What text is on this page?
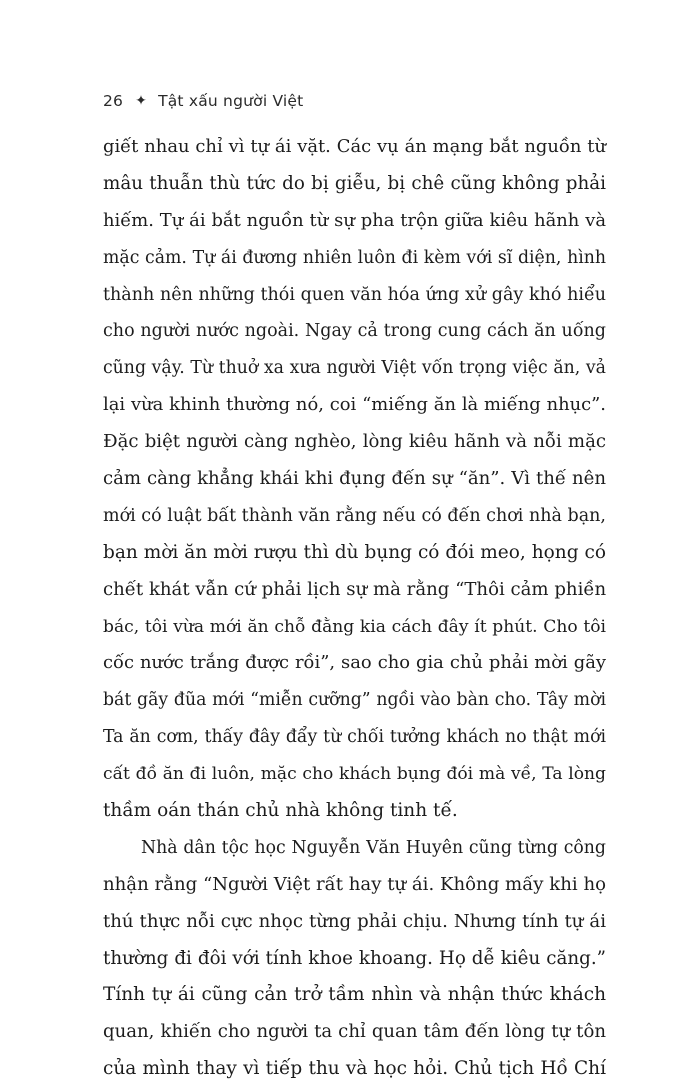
26 ✦ Tật xấu người Việt
giết nhau chỉ vì tự ái vặt. Các vụ án mạng bắt nguồn từ
mâu thuẫn thù tức do bị giễu, bị chê cũng không phải
hiếm. Tự ái bắt nguồn từ sự pha trộn giữa kiêu hãnh và
mặc cảm. Tự ái đương nhiên luôn đi kèm với sĩ diện, hình
thành nên những thói quen văn hóa ứng xử gây khó hiểu
cho người nước ngoài. Ngay cả trong cung cách ăn uống
cũng vậy. Từ thuở xa xưa người Việt vốn trọng việc ăn, vả
lại vừa khinh thường nó, coi “miếng ăn là miếng nhục”.
Đặc biệt người càng nghèo, lòng kiêu hãnh và nỗi mặc
cảm càng khẳng khái khi đụng đến sự “ăn”. Vì thế nên
mới có luật bất thành văn rằng nếu có đến chơi nhà bạn,
bạn mời ăn mời rượu thì dù bụng có đói meo, họng có
chết khát vẫn cứ phải lịch sự mà rằng “Thôi cảm phiền
bác, tôi vừa mới ăn chỗ đằng kia cách đây ít phút. Cho tôi
cốc nước trắng được rồi”, sao cho gia chủ phải mời gãy
bát gãy đũa mới “miễn cưỡng” ngồi vào bàn cho. Tây mời
Ta ăn cơm, thấy đây đẩy từ chối tưởng khách no thật mới
cất đồ ăn đi luôn, mặc cho khách bụng đói mà về, Ta lòng
thầm oán thán chủ nhà không tinh tế.
Nhà dân tộc học Nguyễn Văn Huyên cũng từng công
nhận rằng “Người Việt rất hay tự ái. Không mấy khi họ
thú thực nỗi cực nhọc từng phải chịu. Nhưng tính tự ái
thường đi đôi với tính khoe khoang. Họ dễ kiêu căng.”
Tính tự ái cũng cản trở tầm nhìn và nhận thức khách
quan, khiến cho người ta chỉ quan tâm đến lòng tự tôn
của mình thay vì tiếp thu và học hỏi. Chủ tịch Hồ Chí
